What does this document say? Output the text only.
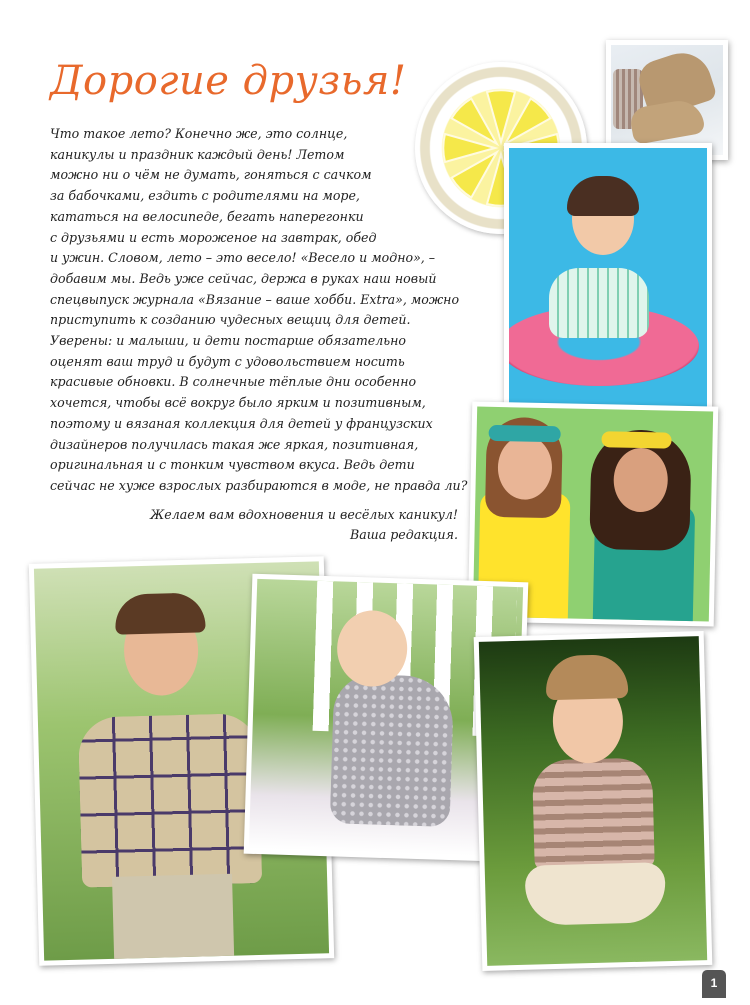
Дорогие друзья!

Что такое лето? Конечно же, это солнце,
каникулы и праздник каждый день! Летом
можно ни о чём не думать, гоняться с сачком
за бабочками, ездить с родителями на море,
кататься на велосипеде, бегать наперегонки
с друзьями и есть мороженое на завтрак, обед
и ужин. Словом, лето – это весело! «Весело и модно», –
добавим мы. Ведь уже сейчас, держа в руках наш новый
спецвыпуск журнала «Вязание – ваше хобби. Extra», можно
приступить к созданию чудесных вещиц для детей.
Уверены: и малыши, и дети постарше обязательно
оценят ваш труд и будут с удовольствием носить
красивые обновки. В солнечные тёплые дни особенно
хочется, чтобы всё вокруг было ярким и позитивным,
поэтому и вязаная коллекция для детей у французских
дизайнеров получилась такая же яркая, позитивная,
оригинальная и с тонким чувством вкуса. Ведь дети
сейчас не хуже взрослых разбираются в моде, не правда ли?

Желаем вам вдохновения и весёлых каникул!
Ваша редакция.
1
